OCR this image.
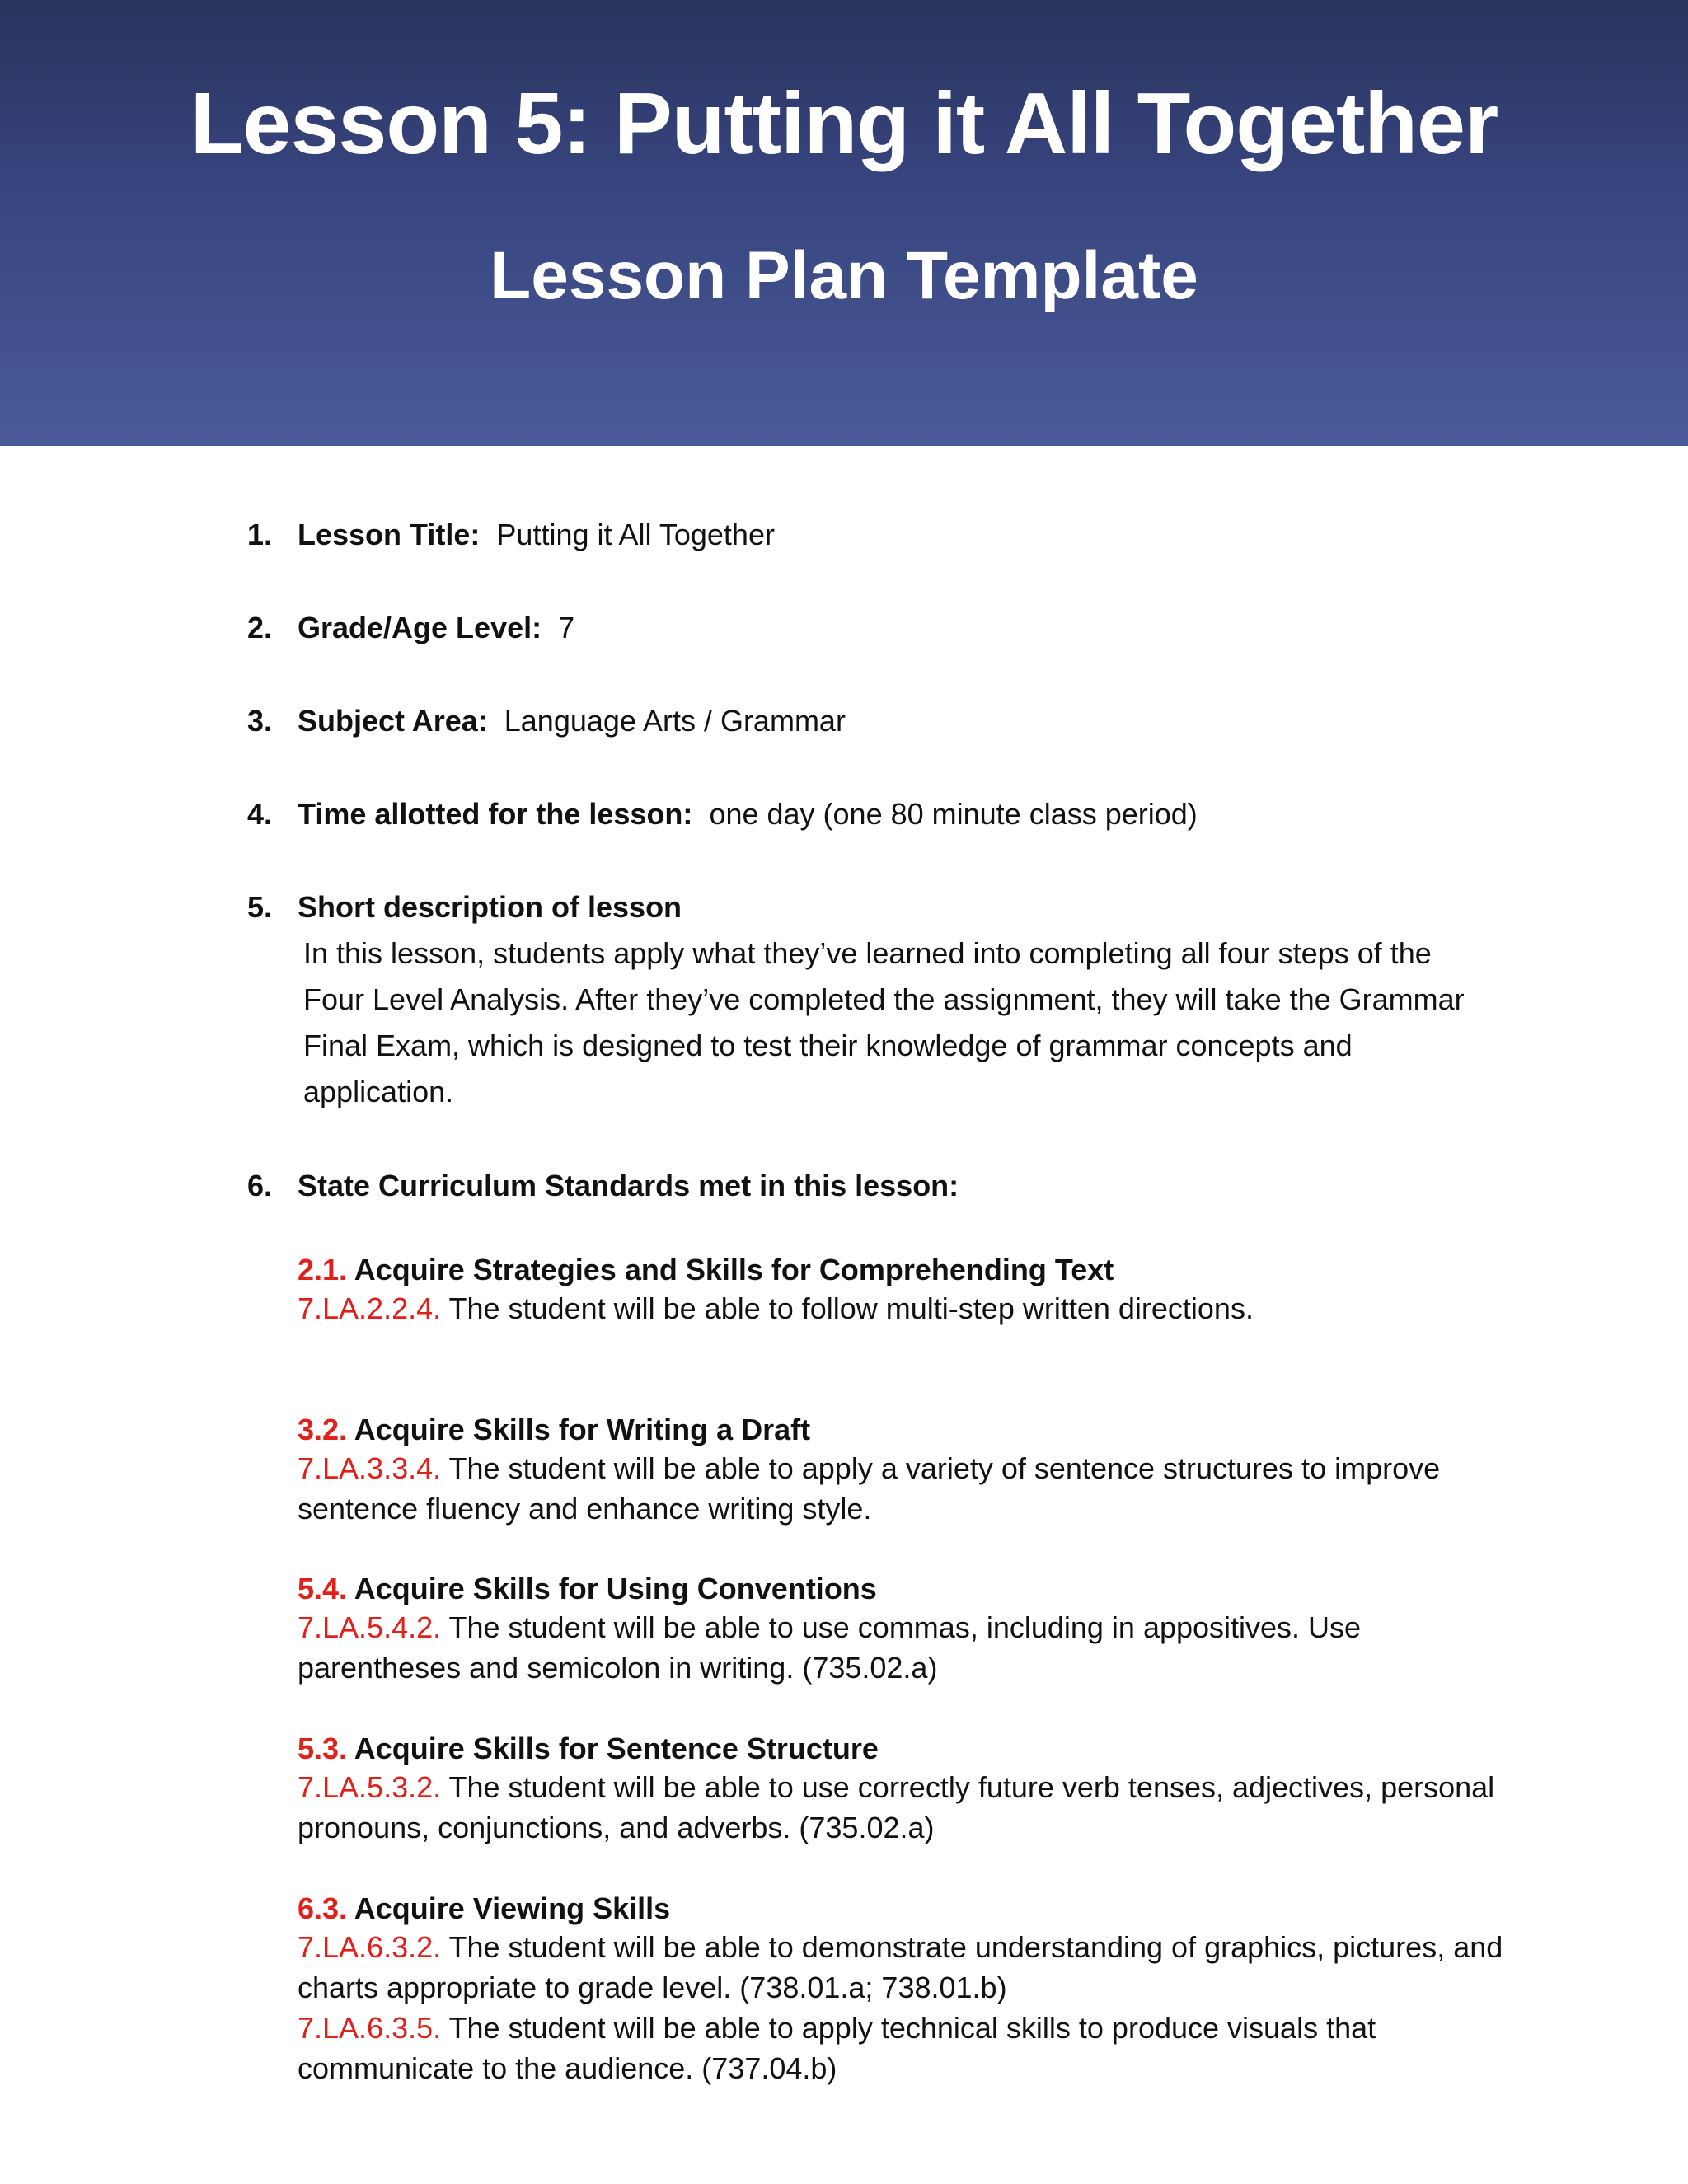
Lesson 5: Putting it All Together
Lesson Plan Template
1. Lesson Title: Putting it All Together
2. Grade/Age Level: 7
3. Subject Area: Language Arts / Grammar
4. Time allotted for the lesson: one day (one 80 minute class period)
5. Short description of lesson
In this lesson, students apply what they’ve learned into completing all four steps of the Four Level Analysis. After they’ve completed the assignment, they will take the Grammar Final Exam, which is designed to test their knowledge of grammar concepts and application.
6. State Curriculum Standards met in this lesson:
2.1. Acquire Strategies and Skills for Comprehending Text
7.LA.2.2.4. The student will be able to follow multi-step written directions.
3.2. Acquire Skills for Writing a Draft
7.LA.3.3.4. The student will be able to apply a variety of sentence structures to improve sentence fluency and enhance writing style.
5.4. Acquire Skills for Using Conventions
7.LA.5.4.2. The student will be able to use commas, including in appositives. Use parentheses and semicolon in writing. (735.02.a)
5.3. Acquire Skills for Sentence Structure
7.LA.5.3.2. The student will be able to use correctly future verb tenses, adjectives, personal pronouns, conjunctions, and adverbs. (735.02.a)
6.3. Acquire Viewing Skills
7.LA.6.3.2. The student will be able to demonstrate understanding of graphics, pictures, and charts appropriate to grade level. (738.01.a; 738.01.b)
7.LA.6.3.5. The student will be able to apply technical skills to produce visuals that communicate to the audience. (737.04.b)
